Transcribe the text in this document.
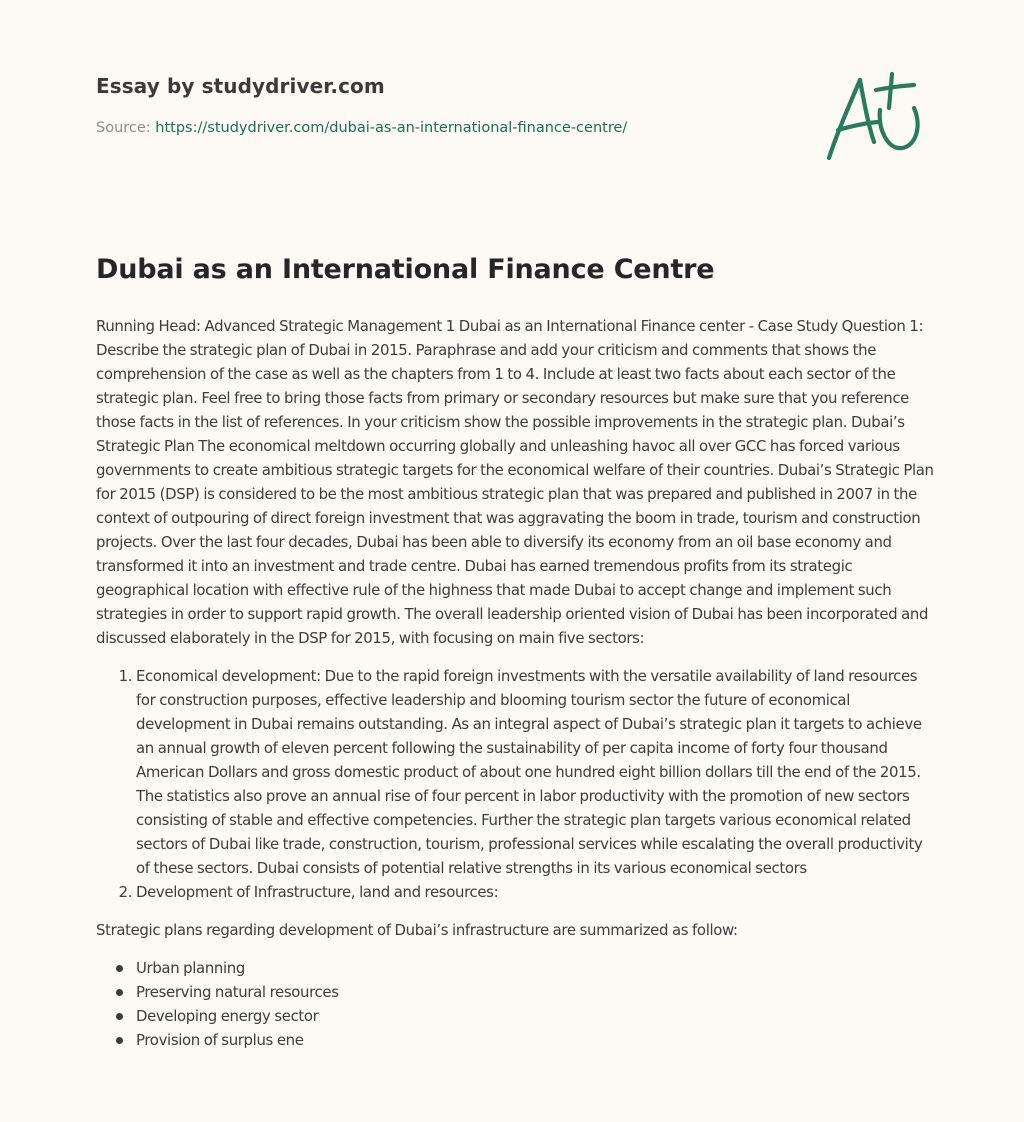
Essay by studydriver.com
Source: https://studydriver.com/dubai-as-an-international-finance-centre/
Dubai as an International Finance Centre

Running Head: Advanced Strategic Management 1 Dubai as an International Finance center - Case Study Question 1: Describe the strategic plan of Dubai in 2015. Paraphrase and add your criticism and comments that shows the comprehension of the case as well as the chapters from 1 to 4. Include at least two facts about each sector of the strategic plan. Feel free to bring those facts from primary or secondary resources but make sure that you reference those facts in the list of references. In your criticism show the possible improvements in the strategic plan. Dubai’s Strategic Plan The economical meltdown occurring globally and unleashing havoc all over GCC has forced various governments to create ambitious strategic targets for the economical welfare of their countries. Dubai’s Strategic Plan for 2015 (DSP) is considered to be the most ambitious strategic plan that was prepared and published in 2007 in the context of outpouring of direct foreign investment that was aggravating the boom in trade, tourism and construction projects. Over the last four decades, Dubai has been able to diversify its economy from an oil base economy and transformed it into an investment and trade centre. Dubai has earned tremendous profits from its strategic geographical location with effective rule of the highness that made Dubai to accept change and implement such strategies in order to support rapid growth. The overall leadership oriented vision of Dubai has been incorporated and discussed elaborately in the DSP for 2015, with focusing on main five sectors:

1. Economical development: Due to the rapid foreign investments with the versatile availability of land resources for construction purposes, effective leadership and blooming tourism sector the future of economical development in Dubai remains outstanding. As an integral aspect of Dubai’s strategic plan it targets to achieve an annual growth of eleven percent following the sustainability of per capita income of forty four thousand American Dollars and gross domestic product of about one hundred eight billion dollars till the end of the 2015. The statistics also prove an annual rise of four percent in labor productivity with the promotion of new sectors consisting of stable and effective competencies. Further the strategic plan targets various economical related sectors of Dubai like trade, construction, tourism, professional services while escalating the overall productivity of these sectors. Dubai consists of potential relative strengths in its various economical sectors
2. Development of Infrastructure, land and resources:

Strategic plans regarding development of Dubai’s infrastructure are summarized as follow:

Urban planning
Preserving natural resources
Developing energy sector
Provision of surplus ene
